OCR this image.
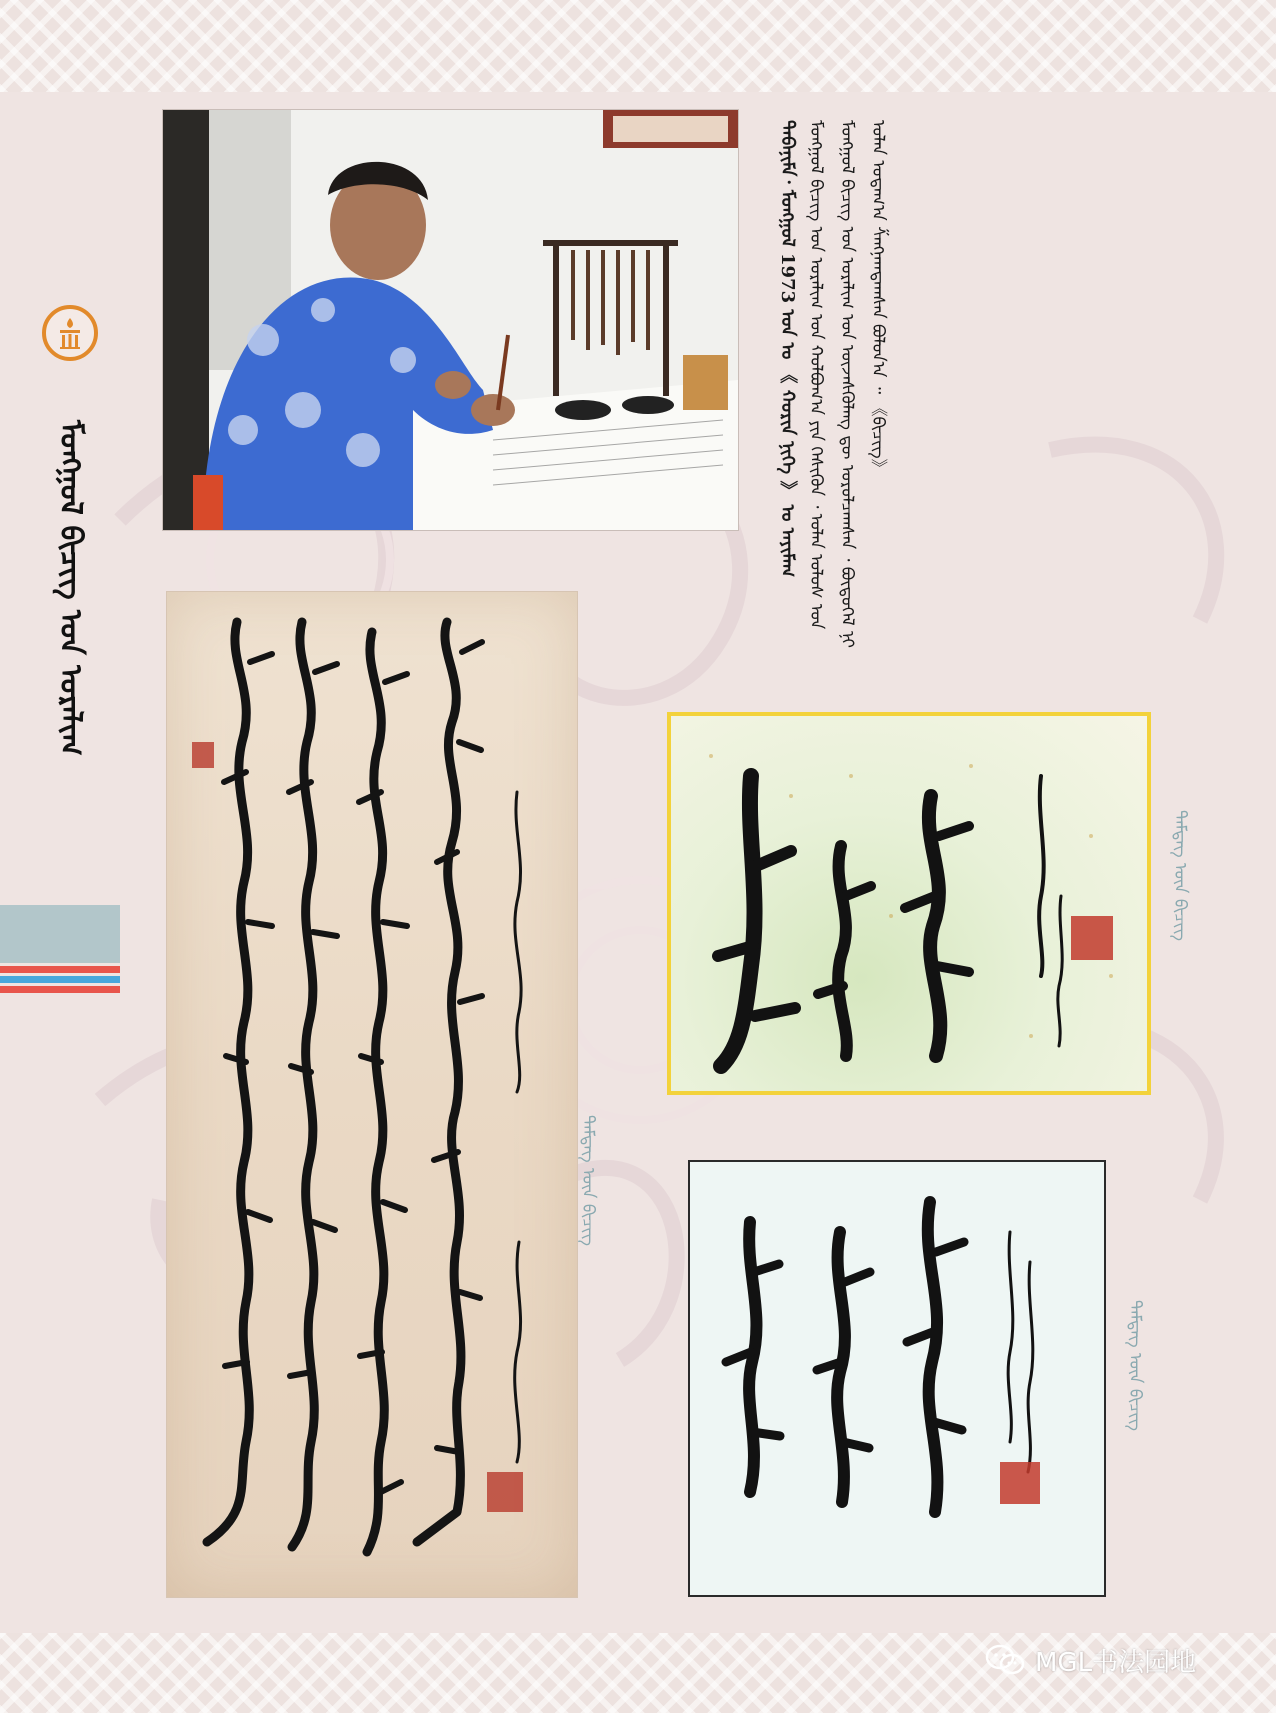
ᠮᠣᠩᠭᠣᠯ ᠪᠢᠴᠢᠭ ᠤᠨ ᠤᠷᠠᠯᠢᠭ
ᠮᠣᠩᠭᠣᠯ ᠪᠢᠴᠢᠭ ᠤᠨ ᠤᠷᠠᠯᠢᠭ ᠤᠨ ᠬᠣᠯᠪᠣᠭ᠎ᠠ ᠶᠢᠨ ᠭᠡᠰᠢᠭᠦᠨ ᠂ ᠣᠯᠠᠨ ᠤᠯᠤᠰ ᠤᠨ ᠮᠣᠩᠭᠣᠯ ᠪᠢᠴᠢᠭ ᠤᠨ ᠤᠷᠠᠯᠢᠭ ᠤᠨ ᠦᠵᠡᠰᠬᠦᠯᠡᠩ ᠳᠦ ᠣᠷᠣᠯᠴᠠᠭᠰᠠᠨ ᠂ ᠪᠦᠲᠦᠭᠡᠯ ᠨᠢ ᠣᠯᠠᠨ ᠤᠳᠠᠭ᠎ᠠ ᠱᠠᠩᠨᠠᠭᠳᠠᠭᠰᠠᠨ ᠪᠣᠯᠤᠨ᠎ᠠ ᠃ 《ᠪᠢᠴᠢᠭ᠌》
ᠳᠠᠪᠠᠨᠢᠮᠠ᠂ ᠮᠣᠩᠭᠣᠯ 1973 ᠣᠨ ᠤ 《 ᠬᠣᠷᠢᠨ ᠨᠢᠭᠡ 》 ᠤ ᠠᠶᠢᠮᠠᠭ
ᠲᠡᠮᠳᠡᠭ ᠦᠨ ᠪᠢᠴᠢᠭ
ᠲᠡᠮᠳᠡᠭ ᠦᠨ ᠪᠢᠴᠢᠭ
ᠲᠡᠮᠳᠡᠭ ᠦᠨ ᠪᠢᠴᠢᠭ
MGL书法园地
